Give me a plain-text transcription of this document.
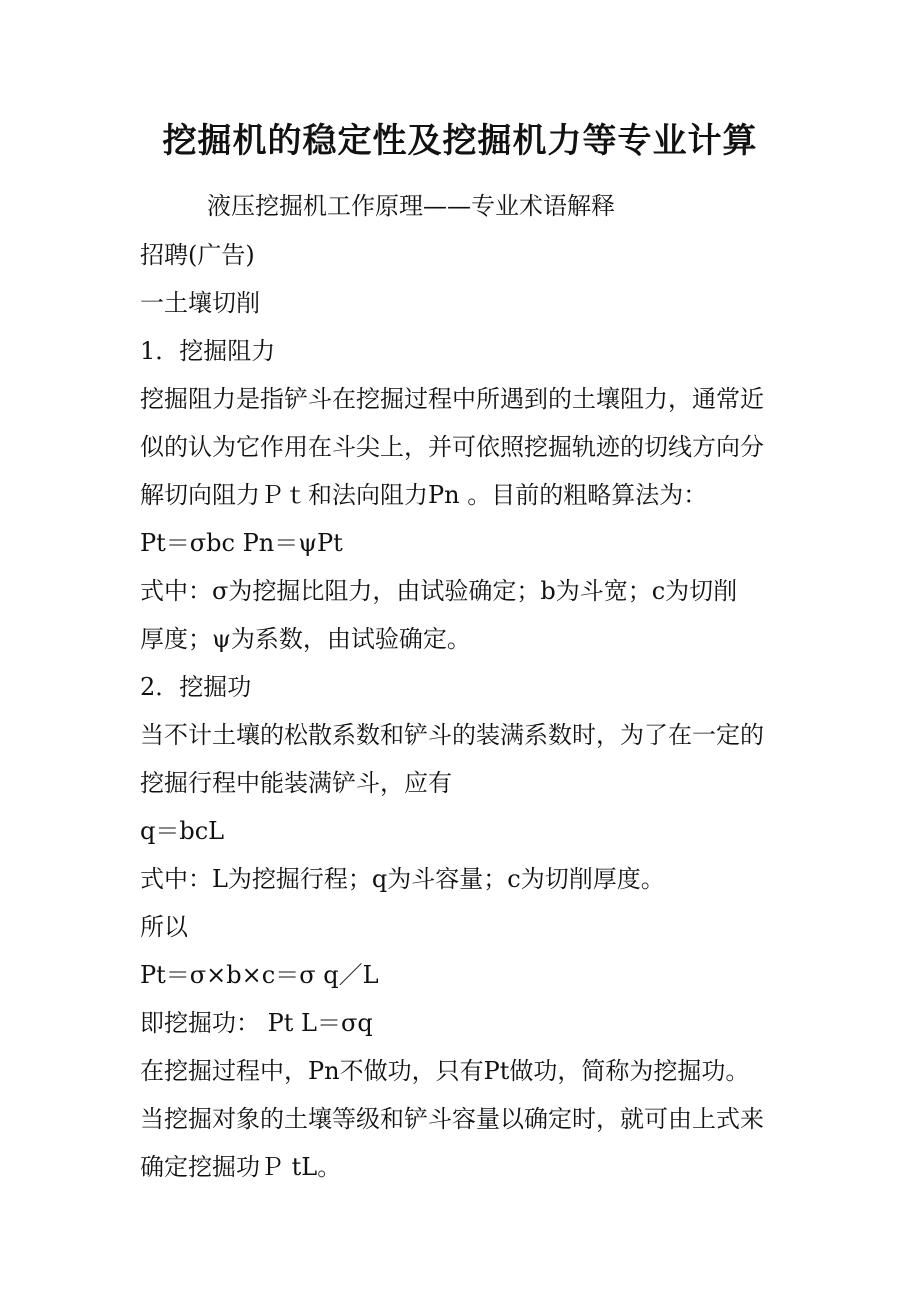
挖掘机的稳定性及挖掘机力等专业计算
液压挖掘机工作原理——专业术语解释
招聘(广告)
一土壤切削
1．挖掘阻力
挖掘阻力是指铲斗在挖掘过程中所遇到的土壤阻力，通常近
似的认为它作用在斗尖上，并可依照挖掘轨迹的切线方向分
解切向阻力Ｐｔ和法向阻力Pn 。目前的粗略算法为：
Pt＝σbc Pn＝ψPt
式中：σ为挖掘比阻力，由试验确定；b为斗宽；c为切削
厚度；ψ为系数，由试验确定。
2．挖掘功
当不计土壤的松散系数和铲斗的装满系数时，为了在一定的
挖掘行程中能装满铲斗，应有
q＝bcL
式中：L为挖掘行程；q为斗容量；c为切削厚度。
所以
Pt＝σ×b×c＝σ q／L
即挖掘功： Pt L＝σq
在挖掘过程中，Pn不做功，只有Pt做功，简称为挖掘功。
当挖掘对象的土壤等级和铲斗容量以确定时，就可由上式来
确定挖掘功Ｐ tL。
